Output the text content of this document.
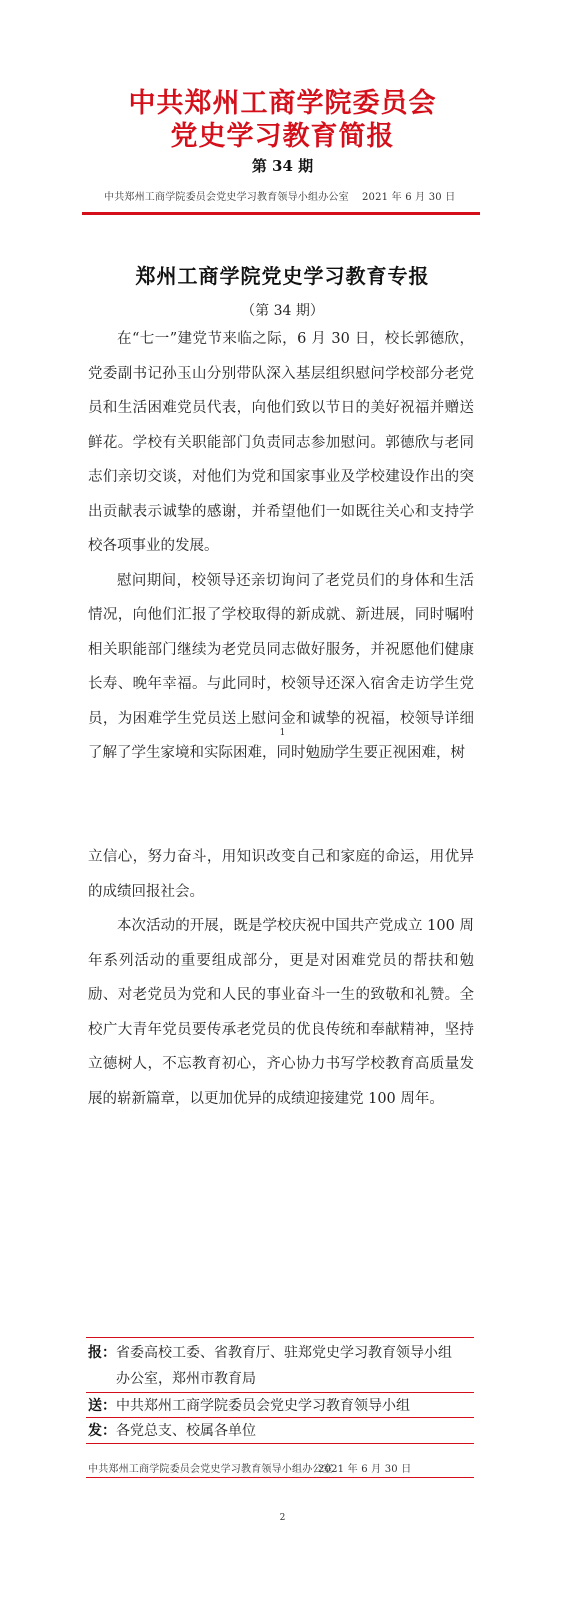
中共郑州工商学院委员会
党史学习教育简报
第 34 期
中共郑州工商学院委员会党史学习教育领导小组办公室 2021 年 6 月 30 日
郑州工商学院党史学习教育专报
（第 34 期）

在“七一”建党节来临之际，6 月 30 日，校长郭德欣，党委副书记孙玉山分别带队深入基层组织慰问学校部分老党员和生活困难党员代表，向他们致以节日的美好祝福并赠送鲜花。学校有关职能部门负责同志参加慰问。郭德欣与老同志们亲切交谈，对他们为党和国家事业及学校建设作出的突出贡献表示诚挚的感谢，并希望他们一如既往关心和支持学校各项事业的发展。

慰问期间，校领导还亲切询问了老党员们的身体和生活情况，向他们汇报了学校取得的新成就、新进展，同时嘱咐相关职能部门继续为老党员同志做好服务，并祝愿他们健康长寿、晚年幸福。与此同时，校领导还深入宿舍走访学生党员，为困难学生党员送上慰问金和诚挚的祝福，校领导详细了解了学生家境和实际困难，同时勉励学生要正视困难，树

1

立信心，努力奋斗，用知识改变自己和家庭的命运，用优异的成绩回报社会。

本次活动的开展，既是学校庆祝中国共产党成立 100 周年系列活动的重要组成部分，更是对困难党员的帮扶和勉励、对老党员为党和人民的事业奋斗一生的致敬和礼赞。全校广大青年党员要传承老党员的优良传统和奉献精神，坚持立德树人，不忘教育初心，齐心协力书写学校教育高质量发展的崭新篇章，以更加优异的成绩迎接建党 100 周年。

报：省委高校工委、省教育厅、驻郑党史学习教育领导小组
办公室，郑州市教育局
送：中共郑州工商学院委员会党史学习教育领导小组
发：各党总支、校属各单位
中共郑州工商学院委员会党史学习教育领导小组办公室
2021 年 6 月 30 日
2
